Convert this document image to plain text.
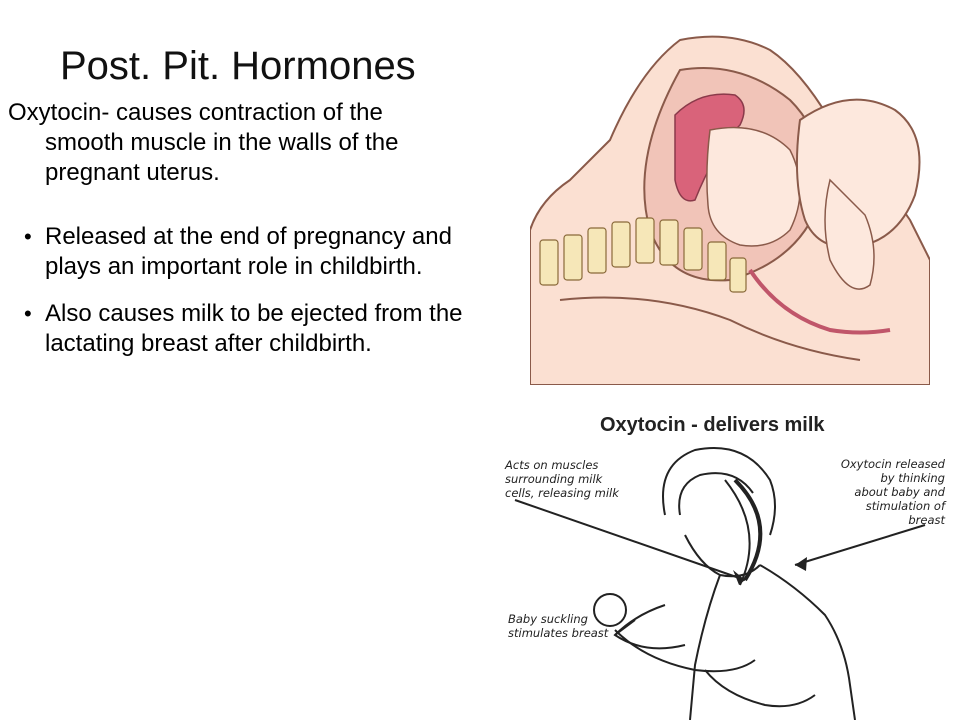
Post. Pit. Hormones
Oxytocin- causes contraction of the
smooth muscle in the walls of the pregnant uterus.
• Released at the end of pregnancy and plays an important role in childbirth.
• Also causes milk to be ejected from the lactating breast after childbirth.
Oxytocin - delivers milk
Acts on muscles
surrounding milk
cells, releasing milk
Oxytocin released
by thinking
about baby and
stimulation of
breast
Baby suckling
stimulates breast
